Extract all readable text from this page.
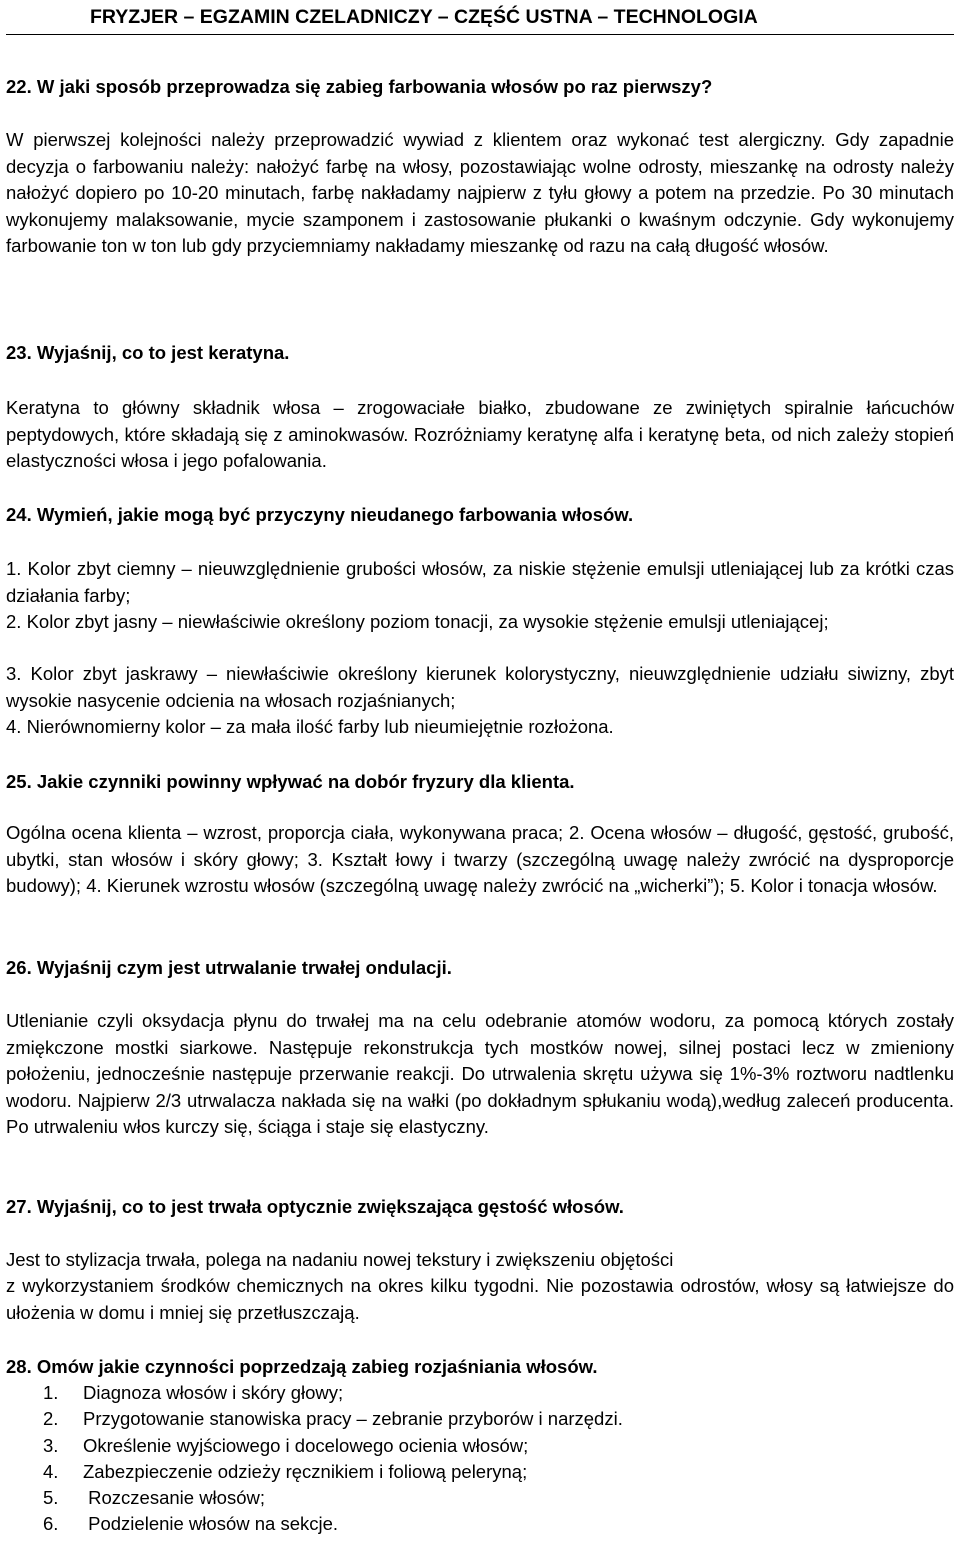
FRYZJER – EGZAMIN CZELADNICZY – CZĘŚĆ USTNA – TECHNOLOGIA
22. W jaki sposób przeprowadza się zabieg farbowania włosów po raz pierwszy?
W pierwszej kolejności należy przeprowadzić wywiad z klientem oraz wykonać test alergiczny. Gdy zapadnie decyzja o farbowaniu należy: nałożyć farbę na włosy, pozostawiając wolne odrosty, mieszankę na odrosty należy nałożyć dopiero po 10-20 minutach, farbę nakładamy najpierw z tyłu głowy a potem na przedzie. Po 30 minutach wykonujemy malaksowanie, mycie szamponem i zastosowanie płukanki o kwaśnym odczynie. Gdy wykonujemy farbowanie ton w ton lub gdy przyciemniamy nakładamy mieszankę od razu na całą długość włosów.
23. Wyjaśnij, co to jest keratyna.
Keratyna to główny składnik włosa – zrogowaciałe białko, zbudowane ze zwiniętych spiralnie łańcuchów peptydowych, które składają się z aminokwasów. Rozróżniamy keratynę alfa i keratynę beta, od nich zależy stopień elastyczności włosa i jego pofalowania.
24. Wymień, jakie mogą być przyczyny nieudanego farbowania włosów.
1. Kolor zbyt ciemny – nieuwzględnienie grubości włosów, za niskie stężenie emulsji utleniającej lub za krótki czas działania farby;
2. Kolor zbyt jasny – niewłaściwie określony poziom tonacji, za wysokie stężenie emulsji utleniającej;
3. Kolor zbyt jaskrawy – niewłaściwie określony kierunek kolorystyczny, nieuwzględnienie udziału siwizny, zbyt wysokie nasycenie odcienia na włosach rozjaśnianych;
4. Nierównomierny kolor – za mała ilość farby lub nieumiejętnie rozłożona.
25. Jakie czynniki powinny wpływać na dobór fryzury dla klienta.
Ogólna ocena klienta – wzrost, proporcja ciała, wykonywana praca; 2. Ocena włosów – długość, gęstość, grubość, ubytki, stan włosów i skóry głowy; 3. Kształt łowy i twarzy (szczególną uwagę należy zwrócić na dysproporcje budowy); 4. Kierunek wzrostu włosów (szczególną uwagę należy zwrócić na „wicherki”); 5. Kolor i tonacja włosów.
26. Wyjaśnij czym jest utrwalanie trwałej ondulacji.
Utlenianie czyli oksydacja płynu do trwałej ma na celu odebranie atomów wodoru, za pomocą których zostały zmiękczone mostki siarkowe. Następuje rekonstrukcja tych mostków nowej, silnej postaci lecz w zmieniony położeniu, jednocześnie następuje przerwanie reakcji. Do utrwalenia skrętu używa się 1%-3% roztworu nadtlenku wodoru. Najpierw 2/3 utrwalacza nakłada się na wałki (po dokładnym spłukaniu wodą),według zaleceń producenta. Po utrwaleniu włos kurczy się, ściąga i staje się elastyczny.
27. Wyjaśnij, co to jest trwała optycznie zwiększająca gęstość włosów.
Jest to stylizacja trwała, polega na nadaniu nowej tekstury i zwiększeniu objętości
z wykorzystaniem środków chemicznych na okres kilku tygodni. Nie pozostawia odrostów, włosy są łatwiejsze do ułożenia w domu i mniej się przetłuszczają.
28. Omów jakie czynności poprzedzają zabieg rozjaśniania włosów.
1.	Diagnoza włosów i skóry głowy;
2.	Przygotowanie stanowiska pracy – zebranie przyborów i narzędzi.
3.	Określenie wyjściowego i docelowego ocienia włosów;
4.	Zabezpieczenie odzieży ręcznikiem i foliową peleryną;
5.	Rozczesanie włosów;
6.	Podzielenie włosów na sekcje.
